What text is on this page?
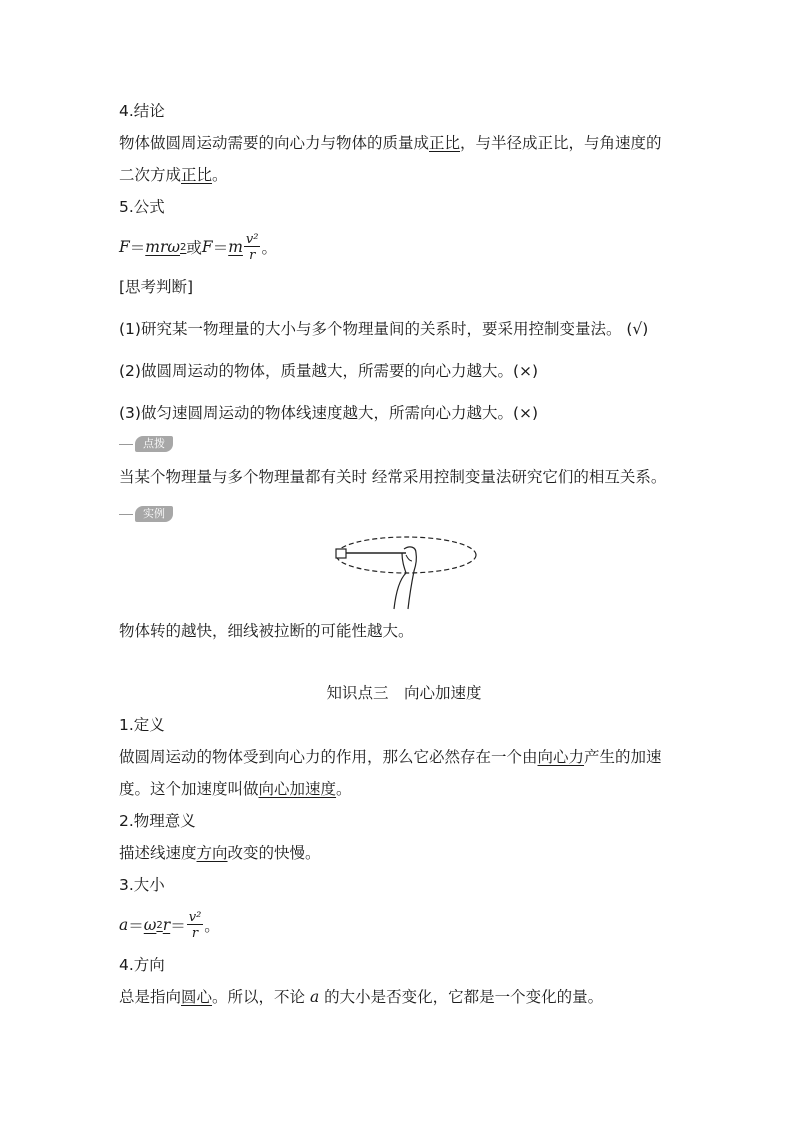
4.结论
物体做圆周运动需要的向心力与物体的质量成正比，与半径成正比，与角速度的
二次方成正比。
5.公式
F ＝ mrω 2 或 F ＝ m $\frac{\text{v²}}{r}$ 。
[思考判断]
(1)研究某一物理量的大小与多个物理量间的关系时，要采用控制变量法。 (√)
(2)做圆周运动的物体，质量越大，所需要的向心力越大。(×)
(3)做匀速圆周运动的物体线速度越大，所需向心力越大。(×)
点拨
当某个物理量与多个物理量都有关时 经常采用控制变量法研究它们的相互关系。
实例
物体转的越快，细线被拉断的可能性越大。
知识点三　向心加速度
1.定义
做圆周运动的物体受到向心力的作用，那么它必然存在一个由向心力产生的加速
度。这个加速度叫做向心加速度。
2.物理意义
描述线速度方向改变的快慢。
3.大小
a ＝ ω 2 $r = \frac{\text{v²}}{r}$ 。
4.方向
总是指向圆心。所以，不论 a 的大小是否变化，它都是一个变化的量。
